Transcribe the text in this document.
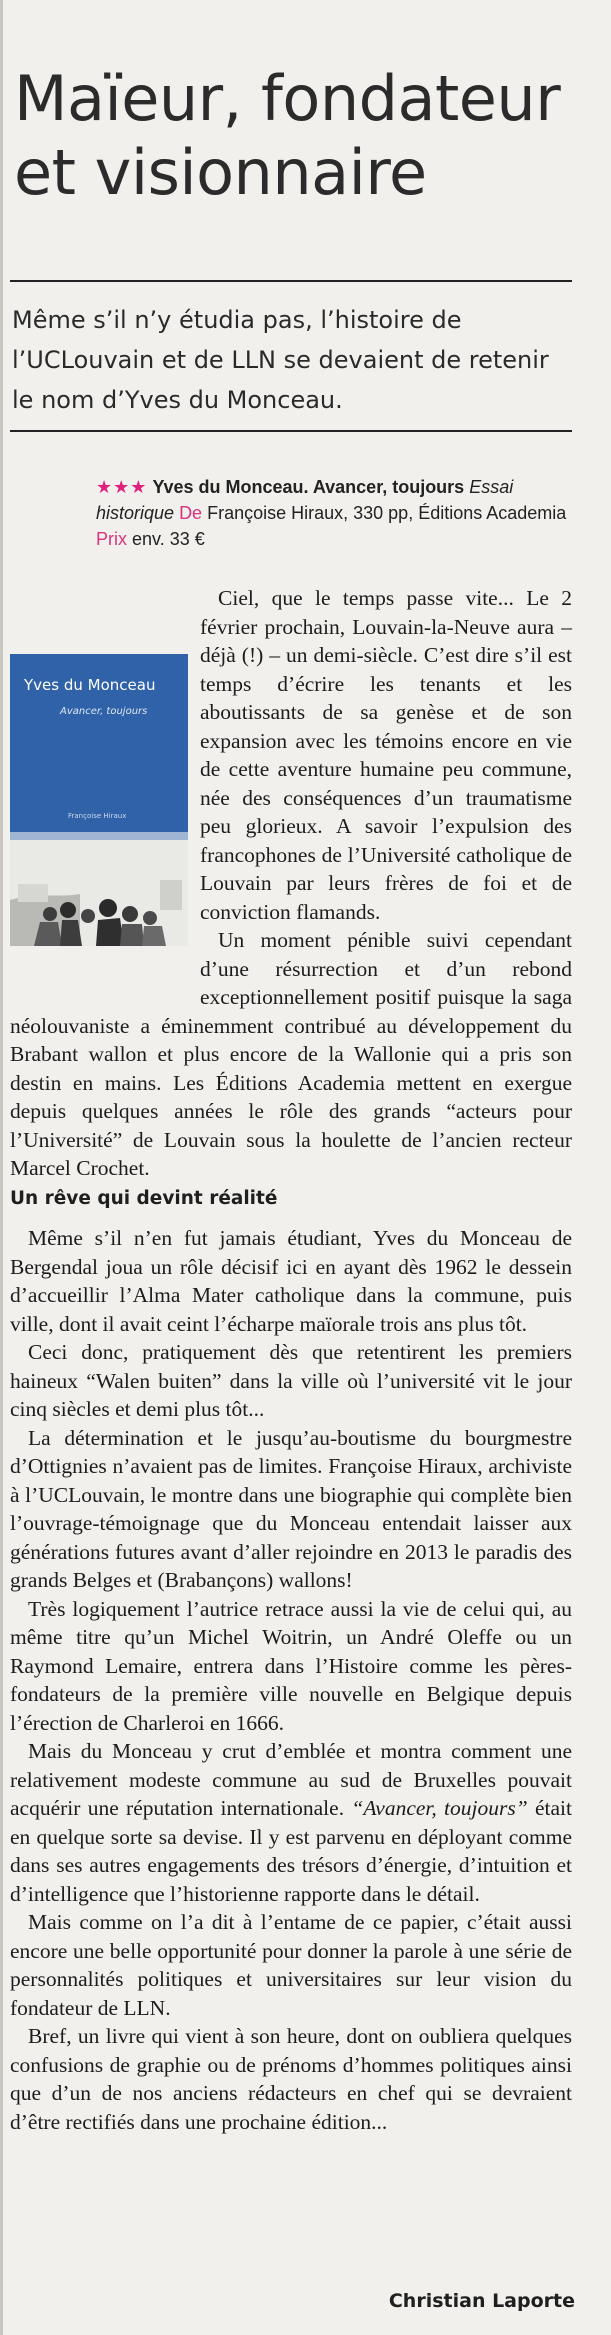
Maïeur, fondateur et visionnaire

Même s’il n’y étudia pas, l’histoire de l’UCLouvain et de LLN se devaient de retenir le nom d’Yves du Monceau.

★★★ Yves du Monceau. Avancer, toujours Essai historique De Françoise Hiraux, 330 pp, Éditions Academia Prix env. 33 €

Yves du Monceau
Avancer, toujours
Françoise Hiraux

Ciel, que le temps passe vite... Le 2 février prochain, Louvain-la-Neuve aura – déjà (!) – un demi-siècle. C’est dire s’il est temps d’écrire les tenants et les aboutissants de sa genèse et de son expansion avec les témoins encore en vie de cette aventure humaine peu commune, née des conséquences d’un traumatisme peu glorieux. A savoir l’expulsion des francophones de l’Université catholique de Louvain par leurs frères de foi et de conviction flamands.

Un moment pénible suivi cependant d’une résurrection et d’un rebond exceptionnellement positif puisque la saga néolouvaniste a éminemment contribué au développement du Brabant wallon et plus encore de la Wallonie qui a pris son destin en mains. Les Éditions Academia mettent en exergue depuis quelques années le rôle des grands “acteurs pour l’Université” de Louvain sous la houlette de l’ancien recteur Marcel Crochet.

Un rêve qui devint réalité

Même s’il n’en fut jamais étudiant, Yves du Monceau de Bergendal joua un rôle décisif ici en ayant dès 1962 le dessein d’accueillir l’Alma Mater catholique dans la commune, puis ville, dont il avait ceint l’écharpe maïorale trois ans plus tôt.

Ceci donc, pratiquement dès que retentirent les premiers haineux “Walen buiten” dans la ville où l’université vit le jour cinq siècles et demi plus tôt...

La détermination et le jusqu’au-boutisme du bourgmestre d’Ottignies n’avaient pas de limites. Françoise Hiraux, archiviste à l’UCLouvain, le montre dans une biographie qui complète bien l’ouvrage-témoignage que du Monceau entendait laisser aux générations futures avant d’aller rejoindre en 2013 le paradis des grands Belges et (Brabançons) wallons!

Très logiquement l’autrice retrace aussi la vie de celui qui, au même titre qu’un Michel Woitrin, un André Oleffe ou un Raymond Lemaire, entrera dans l’Histoire comme les pères-fondateurs de la première ville nouvelle en Belgique depuis l’érection de Charleroi en 1666.

Mais du Monceau y crut d’emblée et montra comment une relativement modeste commune au sud de Bruxelles pouvait acquérir une réputation internationale. “Avancer, toujours” était en quelque sorte sa devise. Il y est parvenu en déployant comme dans ses autres engagements des trésors d’énergie, d’intuition et d’intelligence que l’historienne rapporte dans le détail.

Mais comme on l’a dit à l’entame de ce papier, c’était aussi encore une belle opportunité pour donner la parole à une série de personnalités politiques et universitaires sur leur vision du fondateur de LLN.

Bref, un livre qui vient à son heure, dont on oubliera quelques confusions de graphie ou de prénoms d’hommes politiques ainsi que d’un de nos anciens rédacteurs en chef qui se devraient d’être rectifiés dans une prochaine édition...

Christian Laporte
